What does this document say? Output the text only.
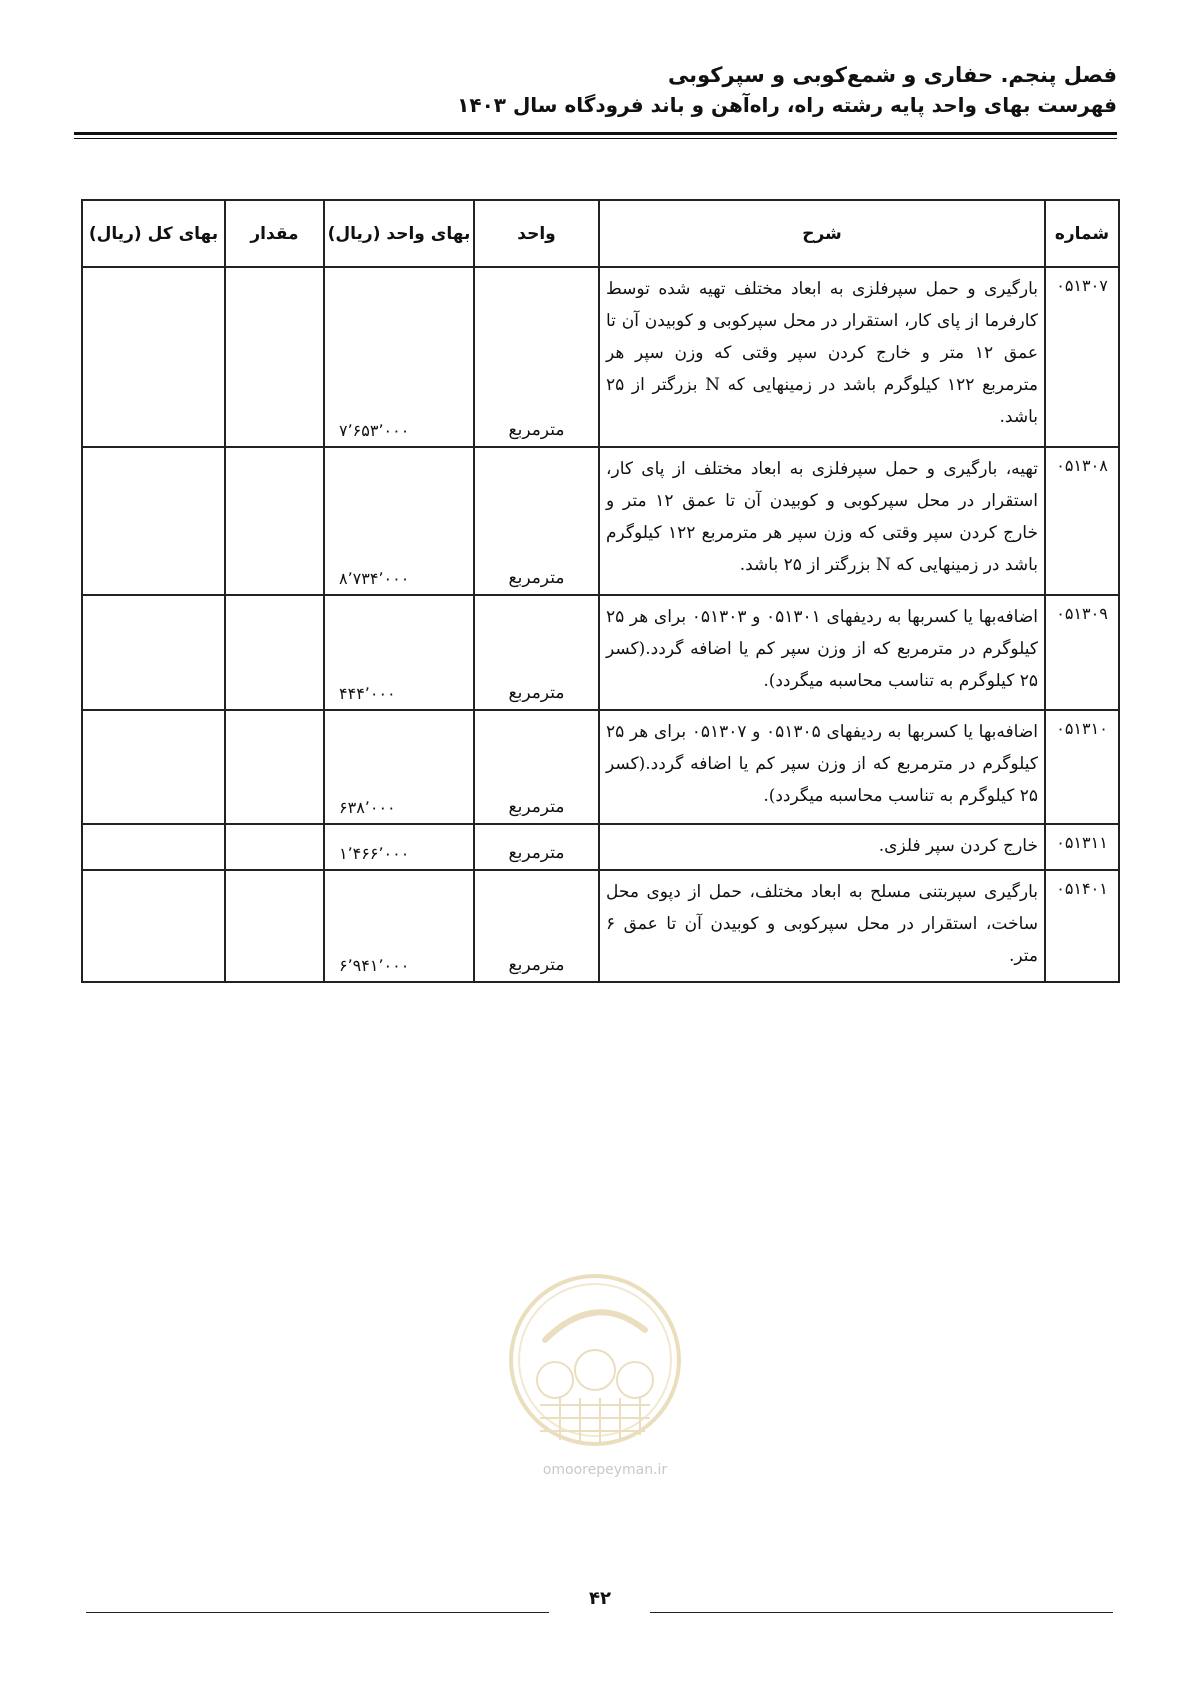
فصل پنجم. حفاری و شمع‌کوبی و سپرکوبی
فهرست بهای واحد پایه رشته راه، راه‌آهن و باند فرودگاه سال ۱۴۰۳
شماره	شرح	واحد	بهای واحد (ریال)	مقدار	بهای کل (ریال)
۰۵۱۳۰۷	بارگیری و حمل سپرفلزی به ابعاد مختلف تهیه شده توسط کارفرما از پای کار، استقرار در محل سپرکوبی و کوبیدن آن تا عمق ۱۲ متر و خارج کردن سپر وقتی که وزن سپر هر مترمربع ۱۲۲ کیلوگرم باشد در زمینهایی که N بزرگتر از ۲۵ باشد.	مترمربع	۷٬۶۵۳٬۰۰۰		
۰۵۱۳۰۸	تهیه، بارگیری و حمل سپرفلزی به ابعاد مختلف از پای کار، استقرار در محل سپرکوبی و کوبیدن آن تا عمق ۱۲ متر و خارج کردن سپر وقتی که وزن سپر هر مترمربع ۱۲۲ کیلوگرم باشد در زمینهایی که N بزرگتر از ۲۵ باشد.	مترمربع	۸٬۷۳۴٬۰۰۰		
۰۵۱۳۰۹	اضافه‌بها یا کسربها به ردیفهای ۰۵۱۳۰۱ و ۰۵۱۳۰۳ برای هر ۲۵ کیلوگرم در مترمربع که از وزن سپر کم یا اضافه گردد.(کسر ۲۵ کیلوگرم به تناسب محاسبه میگردد).	مترمربع	۴۴۴٬۰۰۰		
۰۵۱۳۱۰	اضافه‌بها یا کسربها به ردیفهای ۰۵۱۳۰۵ و ۰۵۱۳۰۷ برای هر ۲۵ کیلوگرم در مترمربع که از وزن سپر کم یا اضافه گردد.(کسر ۲۵ کیلوگرم به تناسب محاسبه میگردد).	مترمربع	۶۳۸٬۰۰۰		
۰۵۱۳۱۱	خارج کردن سپر فلزی.	مترمربع	۱٬۴۶۶٬۰۰۰		
۰۵۱۴۰۱	بارگیری سپربتنی مسلح به ابعاد مختلف، حمل از دپوی محل ساخت، استقرار در محل سپرکوبی و کوبیدن آن تا عمق ۶ متر.	مترمربع	۶٬۹۴۱٬۰۰۰		
omoorepeyman.ir
۴۲
